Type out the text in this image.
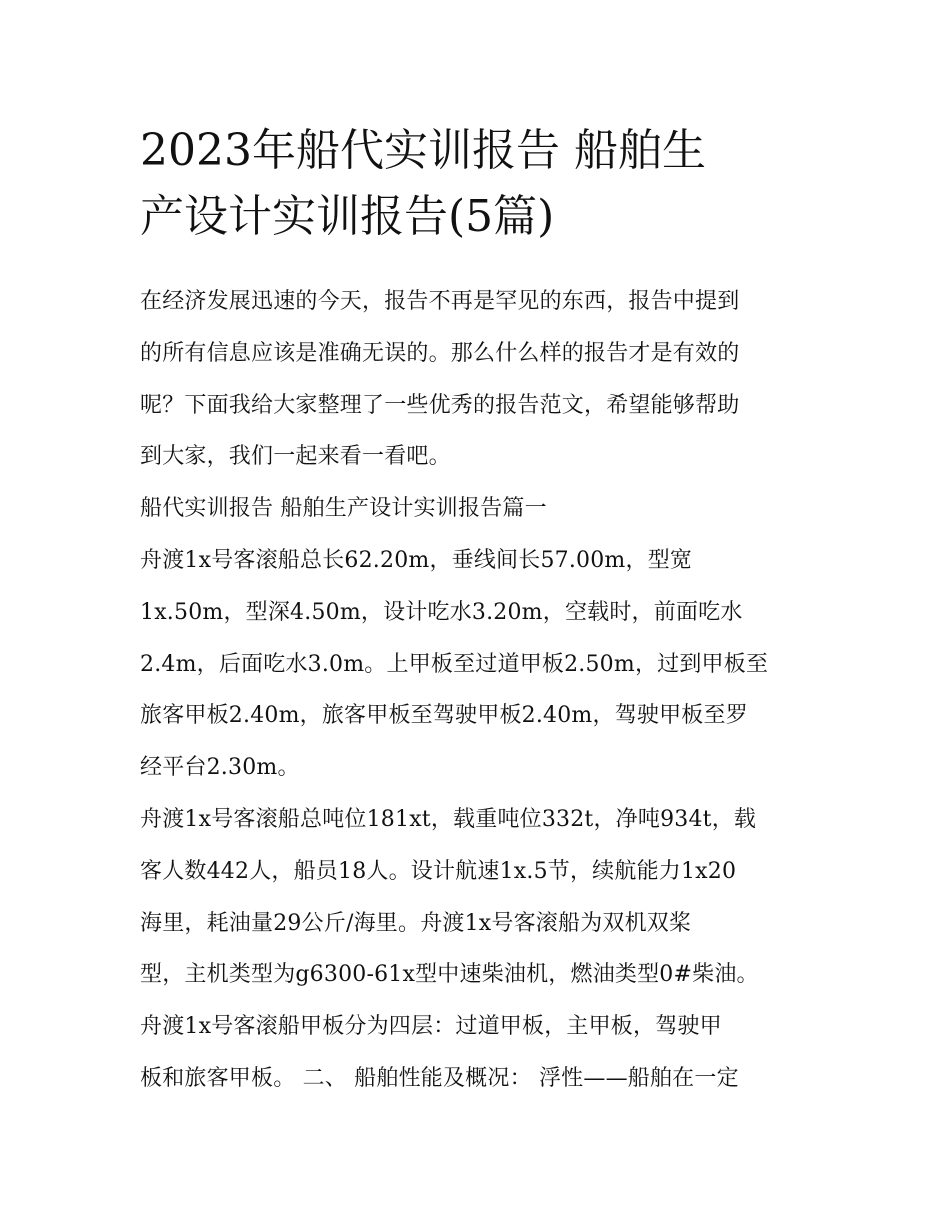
2023年船代实训报告 船舶生
产设计实训报告(5篇)
在经济发展迅速的今天，报告不再是罕见的东西，报告中提到
的所有信息应该是准确无误的。那么什么样的报告才是有效的
呢？下面我给大家整理了一些优秀的报告范文，希望能够帮助
到大家，我们一起来看一看吧。
船代实训报告 船舶生产设计实训报告篇一
舟渡1x号客滚船总长62.20m，垂线间长57.00m，型宽
1x.50m，型深4.50m，设计吃水3.20m，空载时，前面吃水
2.4m，后面吃水3.0m。上甲板至过道甲板2.50m，过到甲板至
旅客甲板2.40m，旅客甲板至驾驶甲板2.40m，驾驶甲板至罗
经平台2.30m。
舟渡1x号客滚船总吨位181xt，载重吨位332t，净吨934t，载
客人数442人，船员18人。设计航速1x.5节，续航能力1x20
海里，耗油量29公斤/海里。舟渡1x号客滚船为双机双桨
型，主机类型为g6300-61x型中速柴油机，燃油类型0#柴油。
舟渡1x号客滚船甲板分为四层：过道甲板，主甲板，驾驶甲
板和旅客甲板。 二、 船舶性能及概况： 浮性——船舶在一定
